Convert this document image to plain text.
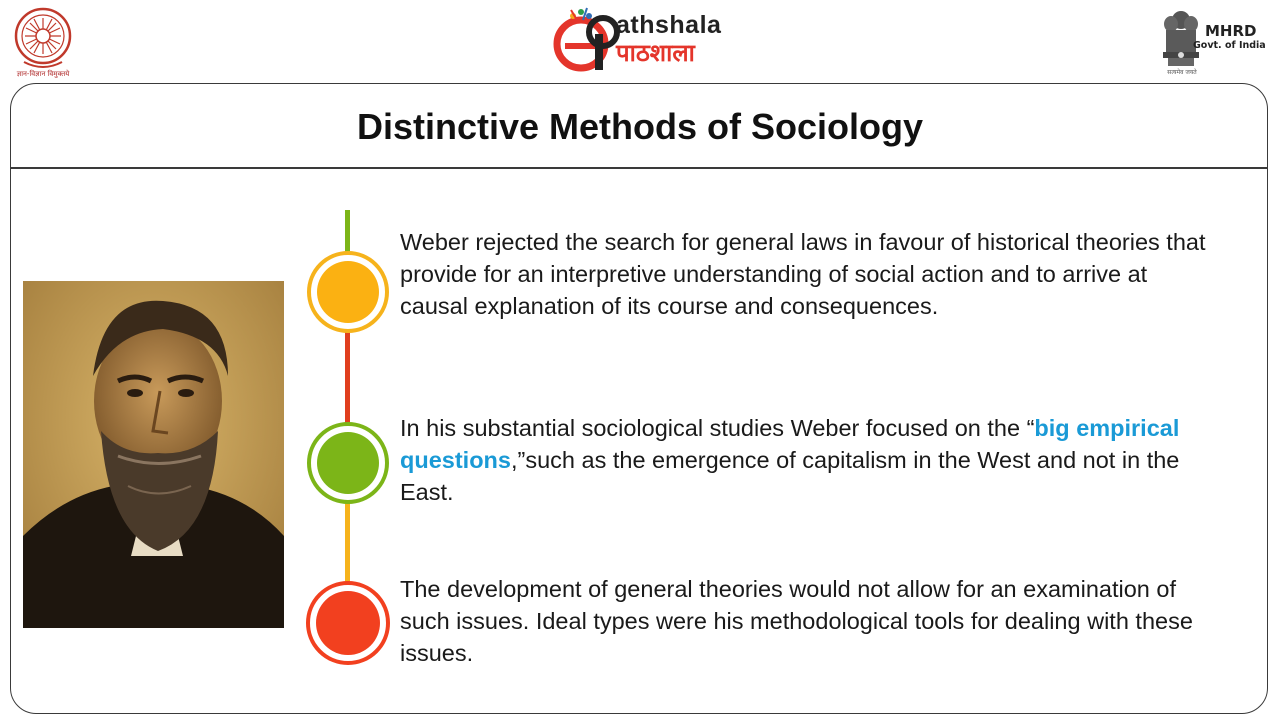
ज्ञान-विज्ञान विमुक्तये
athshala
पाठशाला
MHRD
Govt. of India
सत्यमेव जयते
Distinctive Methods of Sociology
Weber rejected the search for general laws in favour of historical theories that provide for an interpretive understanding of social action and to arrive at causal explanation of its course and consequences.
In his substantial sociological studies Weber focused on the “big empirical questions,”such as the emergence of capitalism in the West and not in the East.
The development of general theories would not allow for an examination of such issues. Ideal types were his methodological tools for dealing with these issues.
